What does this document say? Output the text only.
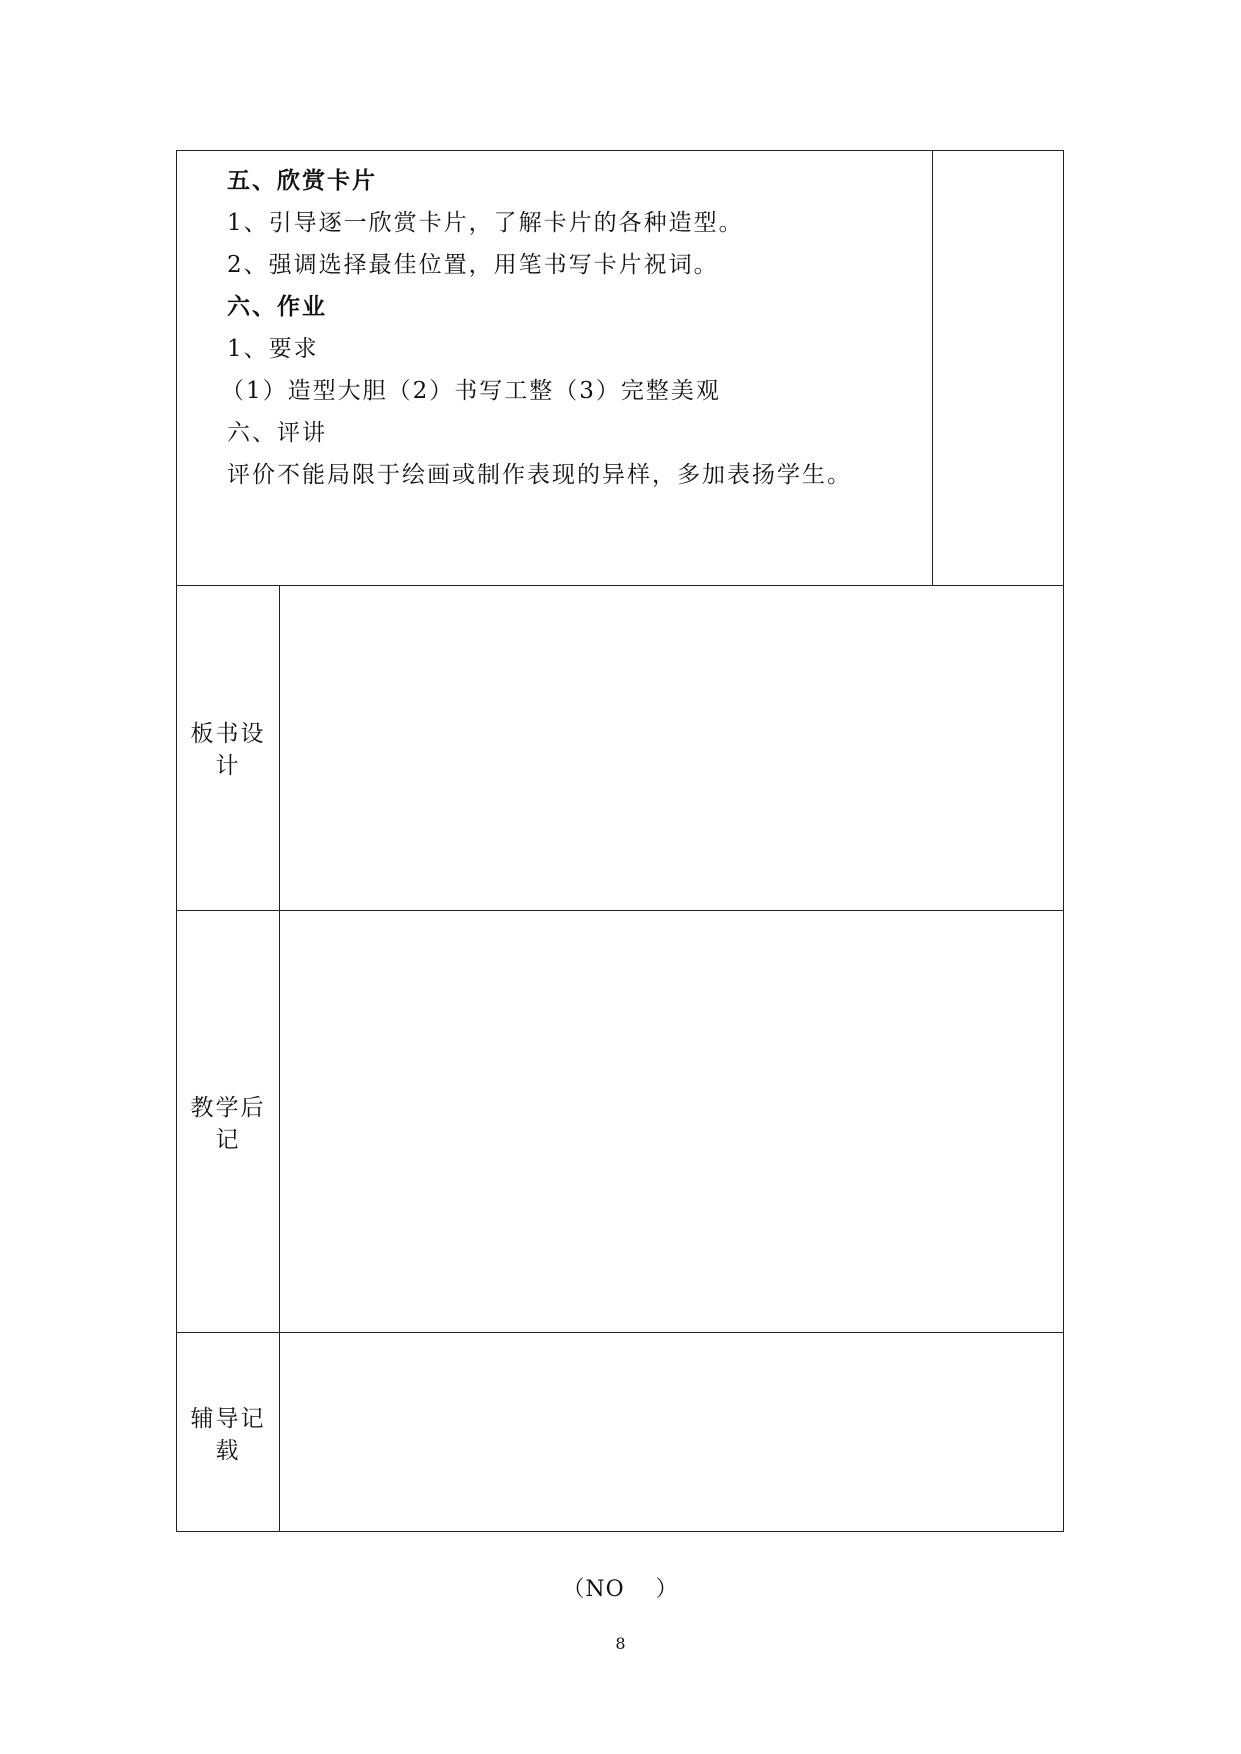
五、欣赏卡片

1、引导逐一欣赏卡片，了解卡片的各种造型。

2、强调选择最佳位置，用笔书写卡片祝词。

六、作业

1、要求

（1）造型大胆（2）书写工整（3）完整美观

六、评讲

评价不能局限于绘画或制作表现的异样，多加表扬学生。

板书设
计
教学后
记
辅导记
载
（NO　 ）
8
